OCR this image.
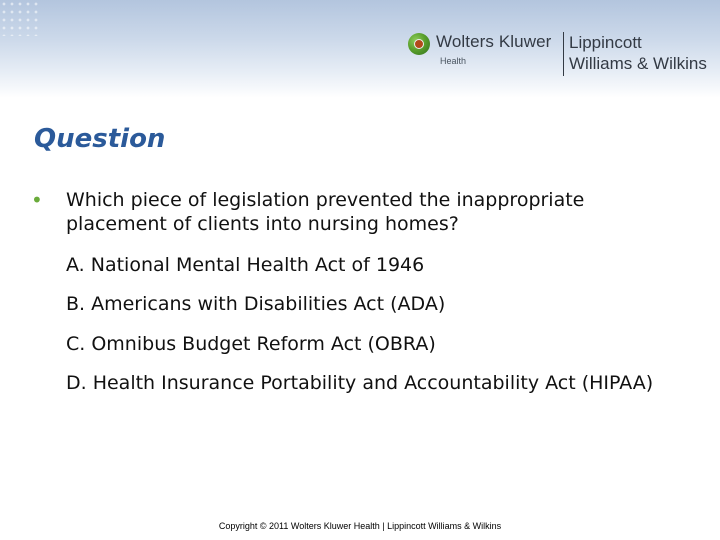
Wolters Kluwer
Health
Lippincott
Williams & Wilkins
Question
• Which piece of legislation prevented the inappropriate placement of clients into nursing homes?
A. National Mental Health Act of 1946
B. Americans with Disabilities Act (ADA)
C. Omnibus Budget Reform Act (OBRA)
D. Health Insurance Portability and Accountability Act (HIPAA)
Copyright © 2011 Wolters Kluwer Health | Lippincott Williams & Wilkins
